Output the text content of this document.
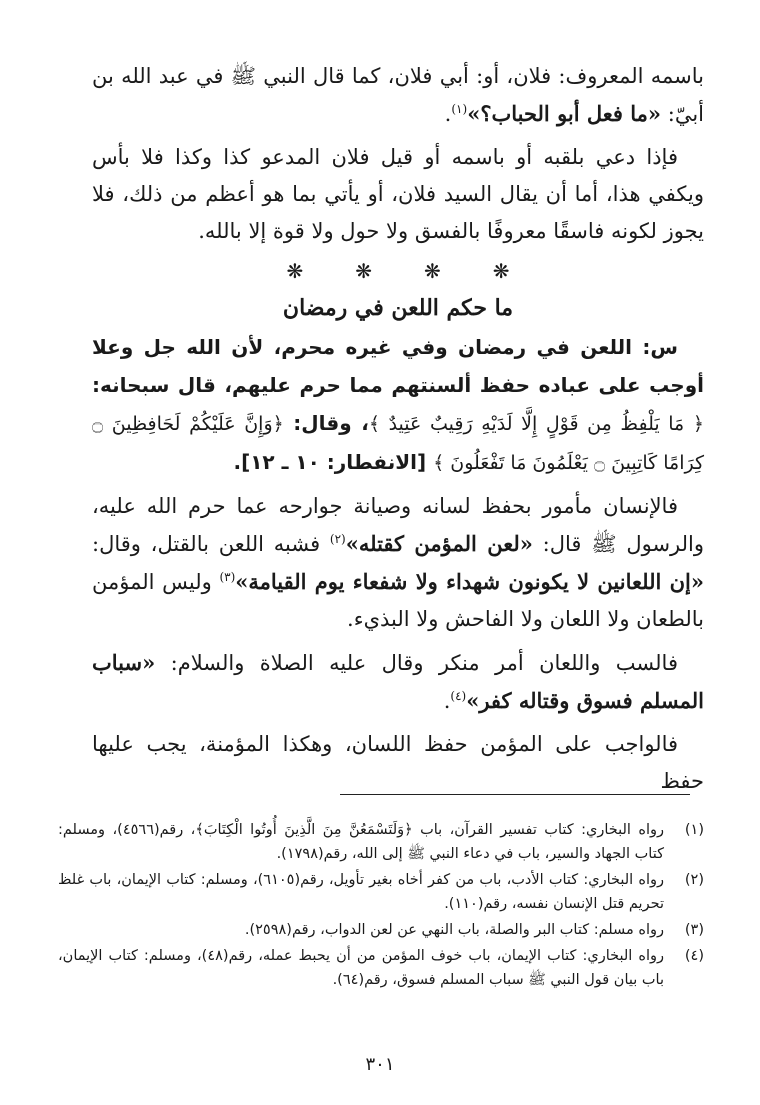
باسمه المعروف: فلان، أو: أبي فلان، كما قال النبي ﷺ في عبد الله بن أبيّ: «ما فعل أبو الحباب؟»$^{(١)}$.

فإذا دعي بلقبه أو باسمه أو قيل فلان المدعو كذا وكذا فلا بأس ويكفي هذا، أما أن يقال السيد فلان، أو يأتي بما هو أعظم من ذلك، فلا يجوز لكونه فاسقًا معروفًا بالفسق ولا حول ولا قوة إلا بالله.

❋	❋	❋	❋
ما حكم اللعن في رمضان

س: اللعن في رمضان وفي غيره محرم، لأن الله جل وعلا أوجب على عباده حفظ ألسنتهم مما حرم عليهم، قال سبحانه: ﴿ مَا يَلْفِظُ مِن قَوْلٍ إِلَّا لَدَيْهِ رَقِيبٌ عَتِيدٌ ﴾، وقال: ﴿وَإِنَّ عَلَيْكُمْ لَحَافِظِينَ ۝ كِرَامًا كَاتِبِينَ ۝ يَعْلَمُونَ مَا تَفْعَلُونَ ﴾ [الانفطار: ١٠ ـ ١٢].

فالإنسان مأمور بحفظ لسانه وصيانة جوارحه عما حرم الله عليه، والرسول ﷺ قال: «لعن المؤمن كقتله»$^{(٢)}$ فشبه اللعن بالقتل، وقال: «إن اللعانين لا يكونون شهداء ولا شفعاء يوم القيامة»$^{(٣)}$ وليس المؤمن بالطعان ولا اللعان ولا الفاحش ولا البذيء.

فالسب واللعان أمر منكر وقال عليه الصلاة والسلام: «سباب المسلم فسوق وقتاله كفر»$^{(٤)}$.

فالواجب على المؤمن حفظ اللسان، وهكذا المؤمنة، يجب عليها حفظ

(١)
رواه البخاري: كتاب تفسير القرآن، باب ﴿وَلَتَسْمَعُنَّ مِنَ الَّذِينَ أُوتُوا الْكِتَابَ﴾، رقم(٤٥٦٦)، ومسلم: كتاب الجهاد والسير، باب في دعاء النبي ﷺ إلى الله، رقم(١٧٩٨).
(٢)
رواه البخاري: كتاب الأدب، باب من كفر أخاه بغير تأويل، رقم(٦١٠٥)، ومسلم: كتاب الإيمان، باب غلظ تحريم قتل الإنسان نفسه، رقم(١١٠).
(٣)
رواه مسلم: كتاب البر والصلة، باب النهي عن لعن الدواب، رقم(٢٥٩٨).
(٤)
رواه البخاري: كتاب الإيمان، باب خوف المؤمن من أن يحبط عمله، رقم(٤٨)، ومسلم: كتاب الإيمان، باب بيان قول النبي ﷺ سباب المسلم فسوق، رقم(٦٤).
٣٠١
